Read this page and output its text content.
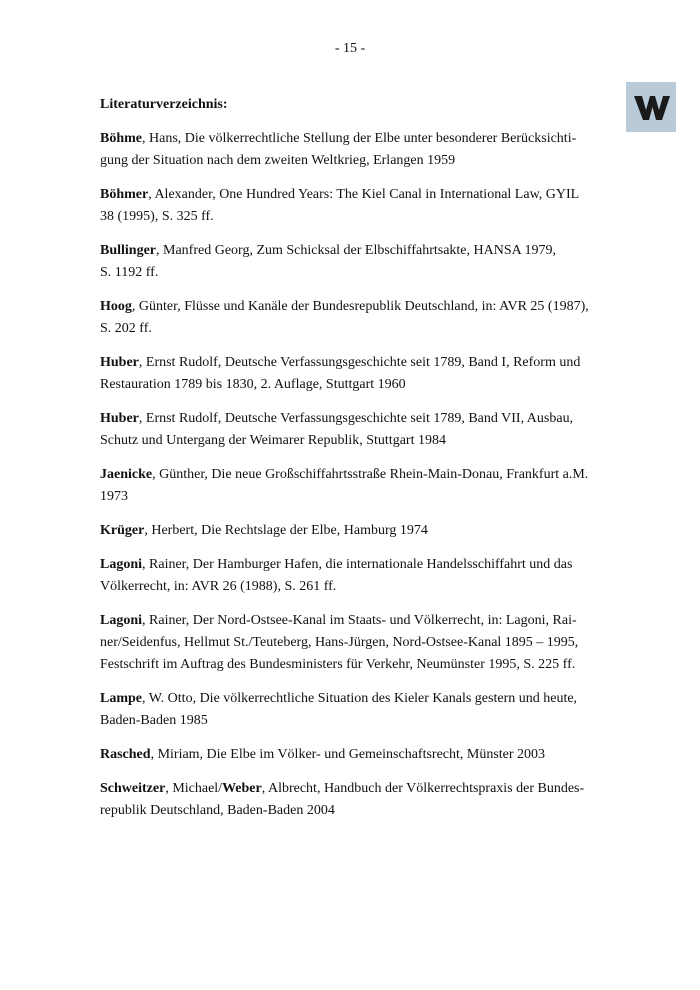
- 15 -
Literaturverzeichnis:
Böhme, Hans, Die völkerrechtliche Stellung der Elbe unter besonderer Berücksichti-
gung der Situation nach dem zweiten Weltkrieg, Erlangen 1959
Böhmer, Alexander, One Hundred Years: The Kiel Canal in International Law, GYIL
38 (1995), S. 325 ff.
Bullinger, Manfred Georg, Zum Schicksal der Elbschiffahrtsakte, HANSA 1979,
S. 1192 ff.
Hoog, Günter, Flüsse und Kanäle der Bundesrepublik Deutschland, in: AVR 25 (1987),
S. 202 ff.
Huber, Ernst Rudolf, Deutsche Verfassungsgeschichte seit 1789, Band I, Reform und
Restauration 1789 bis 1830, 2. Auflage, Stuttgart 1960
Huber, Ernst Rudolf, Deutsche Verfassungsgeschichte seit 1789, Band VII, Ausbau,
Schutz und Untergang der Weimarer Republik, Stuttgart 1984
Jaenicke, Günther, Die neue Großschiffahrtsstraße Rhein-Main-Donau, Frankfurt a.M.
1973
Krüger, Herbert, Die Rechtslage der Elbe, Hamburg 1974
Lagoni, Rainer, Der Hamburger Hafen, die internationale Handelsschiffahrt und das
Völkerrecht, in: AVR 26 (1988), S. 261 ff.
Lagoni, Rainer, Der Nord-Ostsee-Kanal im Staats- und Völkerrecht, in: Lagoni, Rai-
ner/Seidenfus, Hellmut St./Teuteberg, Hans-Jürgen, Nord-Ostsee-Kanal 1895 – 1995,
Festschrift im Auftrag des Bundesministers für Verkehr, Neumünster 1995, S. 225 ff.
Lampe, W. Otto, Die völkerrechtliche Situation des Kieler Kanals gestern und heute,
Baden-Baden 1985
Rasched, Miriam, Die Elbe im Völker- und Gemeinschaftsrecht, Münster 2003
Schweitzer, Michael/Weber, Albrecht, Handbuch der Völkerrechtspraxis der Bundes-
republik Deutschland, Baden-Baden 2004
